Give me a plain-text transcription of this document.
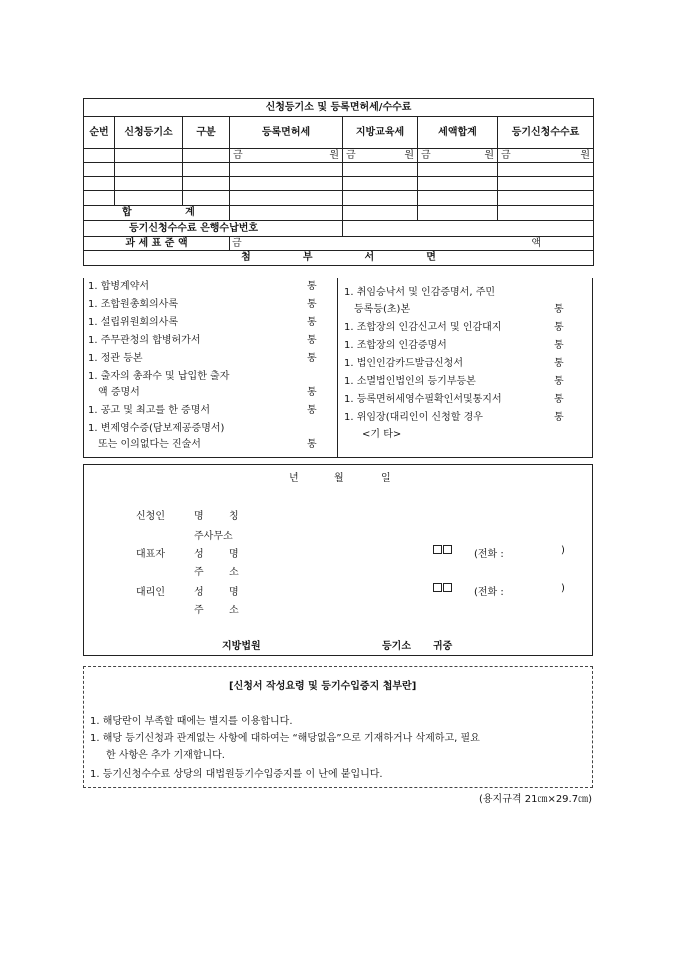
신청등기소 및 등록면허세/수수료						
순번	신청등기소	구분	등록면허세	지방교육세	세액합계	등기신청수수료

			금 원	금 원	금 원	금 원

합 계						
등기신청수수료 은행수납번호						
과 세 표 준 액			금 액			

첨 부 서 면						
1. 합병계약서	통
1. 조합원총회의사록	통
1. 설립위원회의사록	통
1. 주무관청의 합병허가서	통
1. 정관 등본	통
1. 출자의 총좌수 및 납입한 출자
액 증명서	통
1. 공고 및 최고를 한 증명서	통
1. 변제영수증(담보제공증명서)
또는 이의없다는 진술서	통
1. 취임승낙서 및 인감증명서, 주민
등록등(초)본	통
1. 조합장의 인감신고서 및 인감대지	통
1. 조합장의 인감증명서	통
1. 법인인감카드발급신청서	통
1. 소멸법인법인의 등기부등본	통
1. 등록면허세영수필확인서및통지서	통
1. 위임장(대리인이 신청할 경우	통
<기 타>
년	월	일
신청인	명	칭
주사무소
대표자	성	명	(전화 :	)
주	소
대리인	성	명	(전화 :	)
주	소
지방법원	등기소 귀중
[신청서 작성요령 및 등기수입증지 첩부란]
1. 해당란이 부족할 때에는 별지를 이용합니다.
1. 해당 등기신청과 관계없는 사항에 대하여는 “해당없음”으로 기재하거나 삭제하고, 필요
한 사항은 추가 기재합니다.
1. 등기신청수수료 상당의 대법원등기수입증지를 이 난에 붙입니다.
(용지규격 21㎝×29.7㎝)
